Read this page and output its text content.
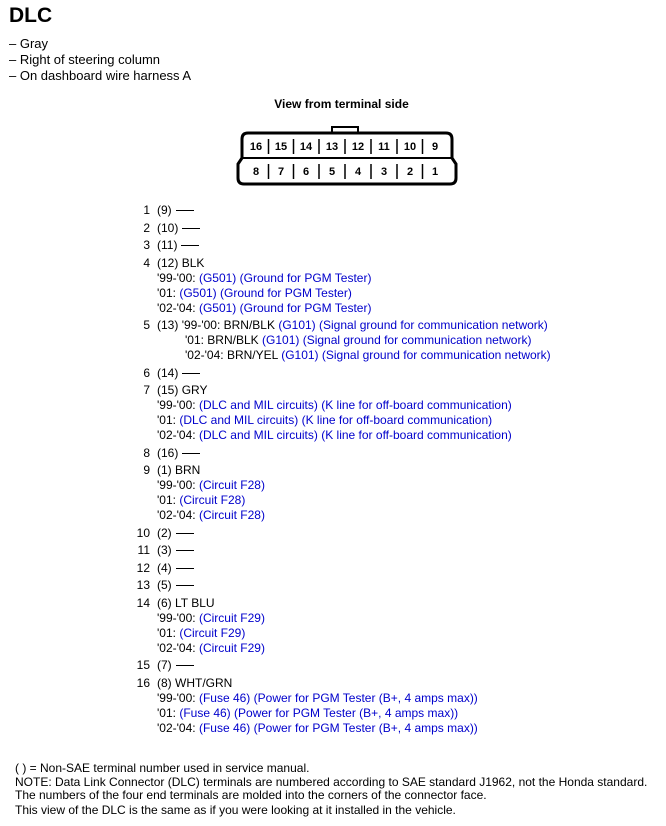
DLC
– Gray
– Right of steering column
– On dashboard wire harness A
View from terminal side
16 15 14 13 12 11 10 9
8 7 6 5 4 3 2 1
1 (9)
2 (10)
3 (11)
4 (12) BLK
'99-'00: (G501) (Ground for PGM Tester)
'01: (G501) (Ground for PGM Tester)
'02-'04: (G501) (Ground for PGM Tester)
5 (13) '99-'00: BRN/BLK (G101) (Signal ground for communication network)
'01: BRN/BLK (G101) (Signal ground for communication network)
'02-'04: BRN/YEL (G101) (Signal ground for communication network)
6 (14)
7 (15) GRY
'99-'00: (DLC and MIL circuits) (K line for off-board communication)
'01: (DLC and MIL circuits) (K line for off-board communication)
'02-'04: (DLC and MIL circuits) (K line for off-board communication)
8 (16)
9 (1) BRN
'99-'00: (Circuit F28)
'01: (Circuit F28)
'02-'04: (Circuit F28)
10 (2)
11 (3)
12 (4)
13 (5)
14 (6) LT BLU
'99-'00: (Circuit F29)
'01: (Circuit F29)
'02-'04: (Circuit F29)
15 (7)
16 (8) WHT/GRN
'99-'00: (Fuse 46) (Power for PGM Tester (B+, 4 amps max))
'01: (Fuse 46) (Power for PGM Tester (B+, 4 amps max))
'02-'04: (Fuse 46) (Power for PGM Tester (B+, 4 amps max))
( ) = Non-SAE terminal number used in service manual.
NOTE: Data Link Connector (DLC) terminals are numbered according to SAE standard J1962, not the Honda standard.
The numbers of the four end terminals are molded into the corners of the connector face.
This view of the DLC is the same as if you were looking at it installed in the vehicle.
